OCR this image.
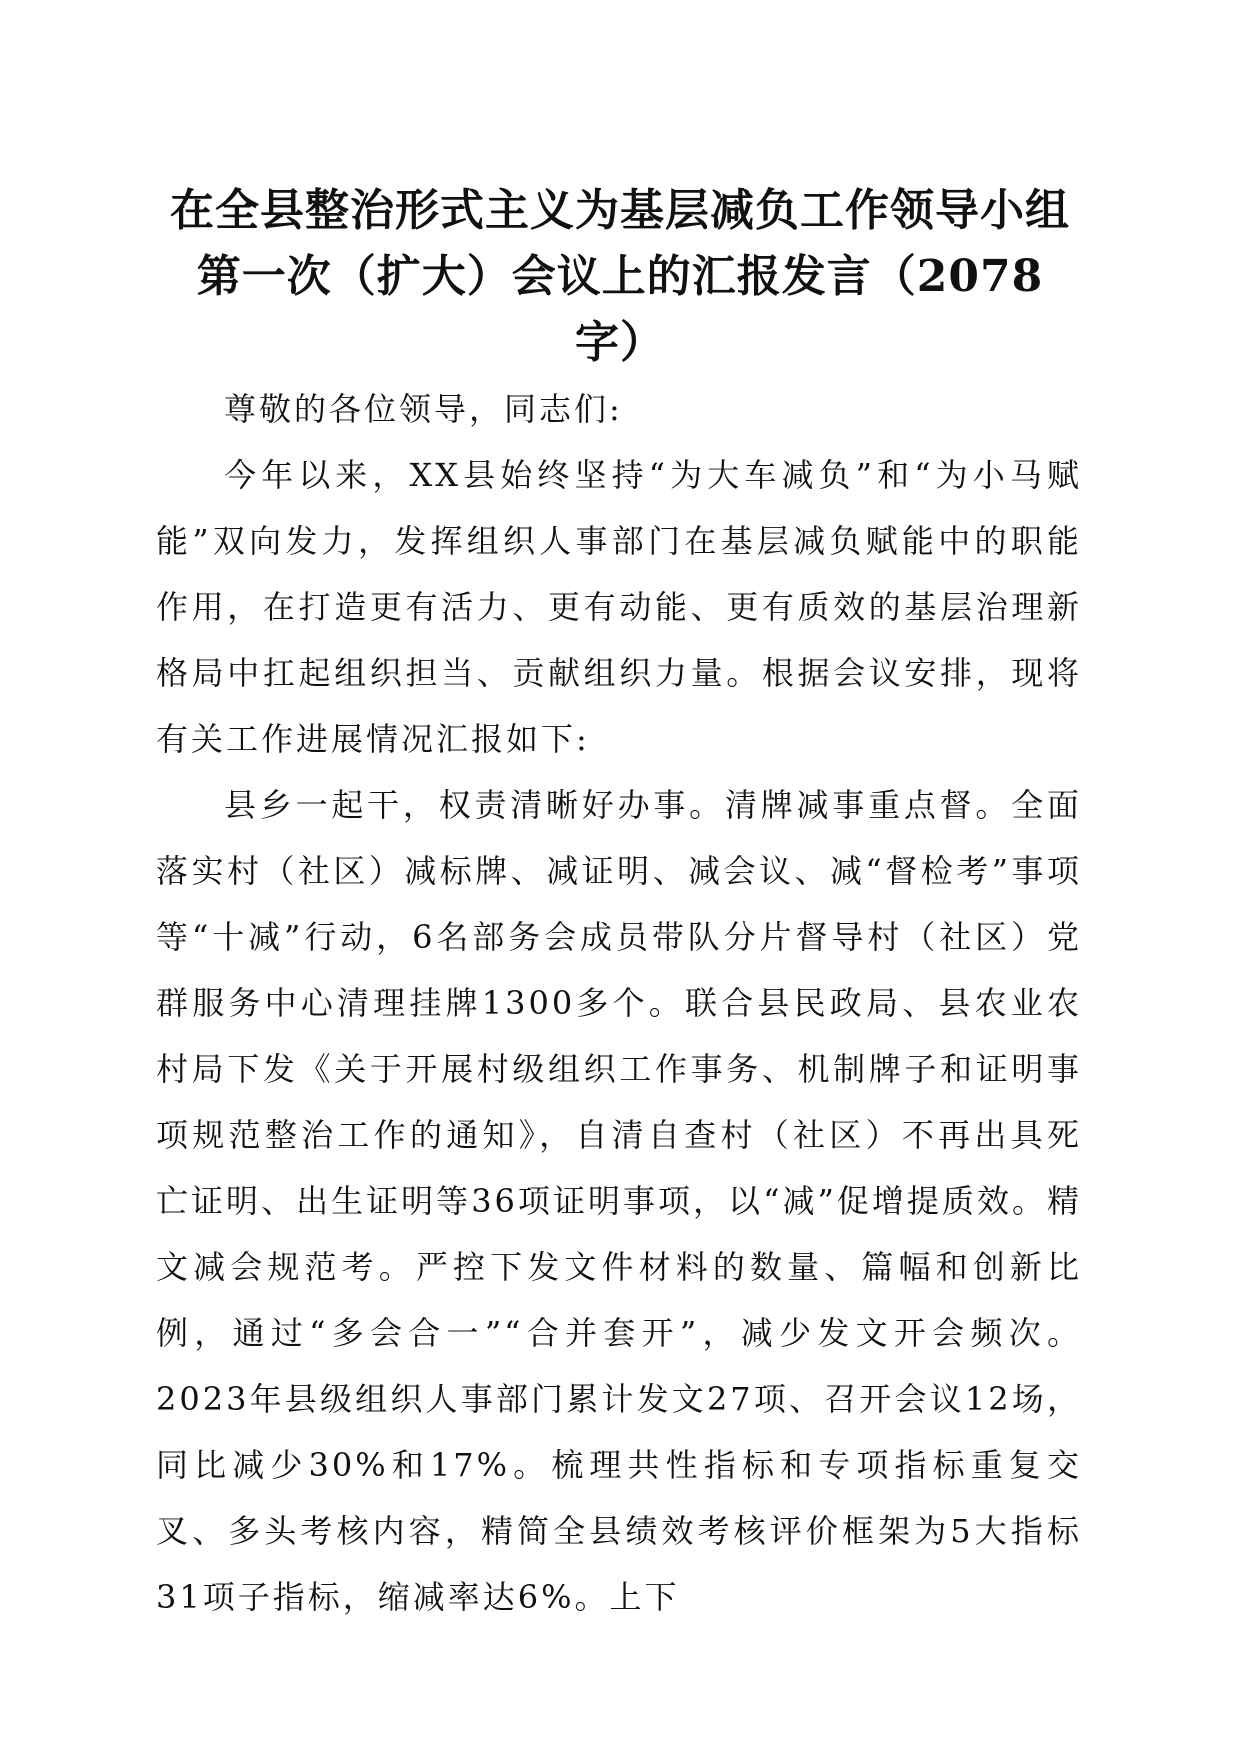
在全县整治形式主义为基层减负工作领导小组
第一次（扩大）会议上的汇报发言（2078
字）

尊敬的各位领导，同志们:

今年以来，XX县始终坚持“为大车减负”和“为小马赋能”双向发力，发挥组织人事部门在基层减负赋能中的职能作用，在打造更有活力、更有动能、更有质效的基层治理新格局中扛起组织担当、贡献组织力量。根据会议安排，现将有关工作进展情况汇报如下:

县乡一起干，权责清晰好办事。清牌减事重点督。全面落实村（社区）减标牌、减证明、减会议、减“督检考”事项等“十减”行动，6名部务会成员带队分片督导村（社区）党群服务中心清理挂牌1300多个。联合县民政局、县农业农村局下发《关于开展村级组织工作事务、机制牌子和证明事项规范整治工作的通知》，自清自查村（社区）不再出具死亡证明、出生证明等36项证明事项，以“减”促增提质效。精文减会规范考。严控下发文件材料的数量、篇幅和创新比例，通过“多会合一”“合并套开”，减少发文开会频次。2023年县级组织人事部门累计发文27项、召开会议12场，同比减少30%和17%。梳理共性指标和专项指标重复交叉、多头考核内容，精简全县绩效考核评价框架为5大指标31项子指标，缩减率达6%。上下
